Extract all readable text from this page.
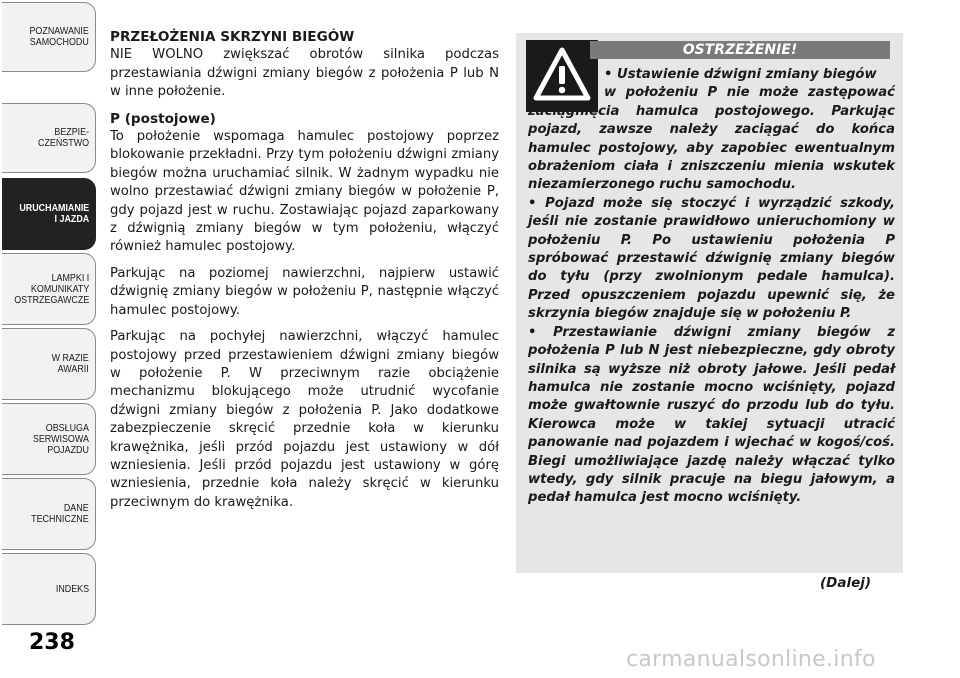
POZNAWANIE
SAMOCHODU
BEZPIE-
CZEŃSTWO
URUCHAMIANIE
I JAZDA
LAMPKI I
KOMUNIKATY
OSTRZEGAWCZE
W RAZIE
AWARII
OBSŁUGA
SERWISOWA
POJAZDU
DANE
TECHNICZNE
INDEKS
238

PRZEŁOŻENIA SKRZYNI BIEGÓW

NIE WOLNO zwiększać obrotów silnika podczas przestawiania dźwigni zmiany biegów z położenia P lub N w inne położenie.

P (postojowe)

To położenie wspomaga hamulec postojowy poprzez blokowanie przekładni. Przy tym położeniu dźwigni zmiany biegów można uruchamiać silnik. W żadnym wypadku nie wolno przestawiać dźwigni zmiany biegów w położenie P, gdy pojazd jest w ruchu. Zostawiając pojazd zaparkowany z dźwignią zmiany biegów w tym położeniu, włączyć również hamulec postojowy.

Parkując na poziomej nawierzchni, najpierw ustawić dźwignię zmiany biegów w położeniu P, następnie włączyć hamulec postojowy.

Parkując na pochyłej nawierzchni, włączyć hamulec postojowy przed przestawieniem dźwigni zmiany biegów w położenie P. W przeciwnym razie obciążenie mechanizmu blokującego może utrudnić wycofanie dźwigni zmiany biegów z położenia P. Jako dodatkowe zabezpieczenie skręcić przednie koła w kierunku krawężnika, jeśli przód pojazdu jest ustawiony w dół wzniesienia. Jeśli przód pojazdu jest ustawiony w górę wzniesienia, przednie koła należy skręcić w kierunku przeciwnym do krawężnika.

OSTRZEŻENIE!

• Ustawienie dźwigni zmiany biegów

w położeniu P nie może zastępować zaciągnięcia hamulca postojowego. Parkując pojazd, zawsze należy zaciągać do końca hamulec postojowy, aby zapobiec ewentualnym obrażeniom ciała i zniszczeniu mienia wskutek niezamierzonego ruchu samochodu.

• Pojazd może się stoczyć i wyrządzić szkody, jeśli nie zostanie prawidłowo unieruchomiony w położeniu P. Po ustawieniu położenia P spróbować przestawić dźwignię zmiany biegów do tyłu (przy zwolnionym pedale hamulca). Przed opuszczeniem pojazdu upewnić się, że skrzynia biegów znajduje się w położeniu P.

• Przestawianie dźwigni zmiany biegów z położenia P lub N jest niebezpieczne, gdy obroty silnika są wyższe niż obroty jałowe. Jeśli pedał hamulca nie zostanie mocno wciśnięty, pojazd może gwałtownie ruszyć do przodu lub do tyłu. Kierowca może w takiej sytuacji utracić panowanie nad pojazdem i wjechać w kogoś/coś. Biegi umożliwiające jazdę należy włączać tylko wtedy, gdy silnik pracuje na biegu jałowym, a pedał hamulca jest mocno wciśnięty.

(Dalej)
carmanualsonline.info
